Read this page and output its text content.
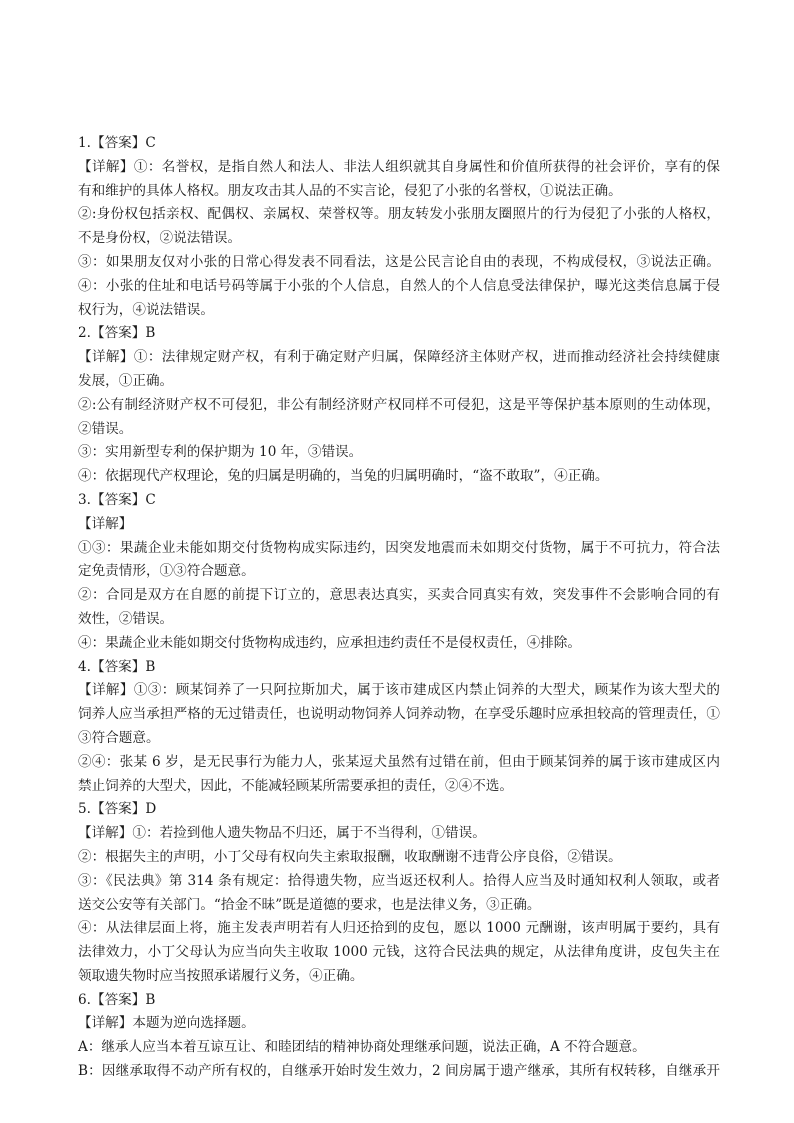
1.【答案】C
【详解】①：名誉权，是指自然人和法人、非法人组织就其自身属性和价值所获得的社会评价，享有的保
有和维护的具体人格权。朋友攻击其人品的不实言论，侵犯了小张的名誉权，①说法正确。
②:身份权包括亲权、配偶权、亲属权、荣誉权等。朋友转发小张朋友圈照片的行为侵犯了小张的人格权，
不是身份权，②说法错误。
③：如果朋友仅对小张的日常心得发表不同看法，这是公民言论自由的表现，不构成侵权，③说法正确。
④：小张的住址和电话号码等属于小张的个人信息，自然人的个人信息受法律保护，曝光这类信息属于侵
权行为，④说法错误。
2.【答案】B
【详解】①：法律规定财产权，有利于确定财产归属，保障经济主体财产权，进而推动经济社会持续健康
发展，①正确。
②:公有制经济财产权不可侵犯，非公有制经济财产权同样不可侵犯，这是平等保护基本原则的生动体现，
②错误。
③：实用新型专利的保护期为 10 年，③错误。
④：依据现代产权理论，兔的归属是明确的，当兔的归属明确时，“盗不敢取”，④正确。
3.【答案】C
【详解】
①③：果蔬企业未能如期交付货物构成实际违约，因突发地震而未如期交付货物，属于不可抗力，符合法
定免责情形，①③符合题意。
②：合同是双方在自愿的前提下订立的，意思表达真实，买卖合同真实有效，突发事件不会影响合同的有
效性，②错误。
④：果蔬企业未能如期交付货物构成违约，应承担违约责任不是侵权责任，④排除。
4.【答案】B
【详解】①③：顾某饲养了一只阿拉斯加犬，属于该市建成区内禁止饲养的大型犬，顾某作为该大型犬的
饲养人应当承担严格的无过错责任，也说明动物饲养人饲养动物，在享受乐趣时应承担较高的管理责任，①
③符合题意。
②④：张某 6 岁，是无民事行为能力人，张某逗犬虽然有过错在前，但由于顾某饲养的属于该市建成区内
禁止饲养的大型犬，因此，不能减轻顾某所需要承担的责任，②④不选。
5.【答案】D
【详解】①：若捡到他人遗失物品不归还，属于不当得利，①错误。
②：根据失主的声明，小丁父母有权向失主索取报酬，收取酬谢不违背公序良俗，②错误。
③：《民法典》第 314 条有规定：拾得遗失物，应当返还权利人。拾得人应当及时通知权利人领取，或者
送交公安等有关部门。“拾金不昧”既是道德的要求，也是法律义务，③正确。
④：从法律层面上将，施主发表声明若有人归还拾到的皮包，愿以 1000 元酬谢，该声明属于要约，具有
法律效力，小丁父母认为应当向失主收取 1000 元钱，这符合民法典的规定，从法律角度讲，皮包失主在
领取遗失物时应当按照承诺履行义务，④正确。
6.【答案】B
【详解】本题为逆向选择题。
A：继承人应当本着互谅互让、和睦团结的精神协商处理继承问题，说法正确，A 不符合题意。
B：因继承取得不动产所有权的，自继承开始时发生效力，2 间房属于遗产继承，其所有权转移，自继承开
